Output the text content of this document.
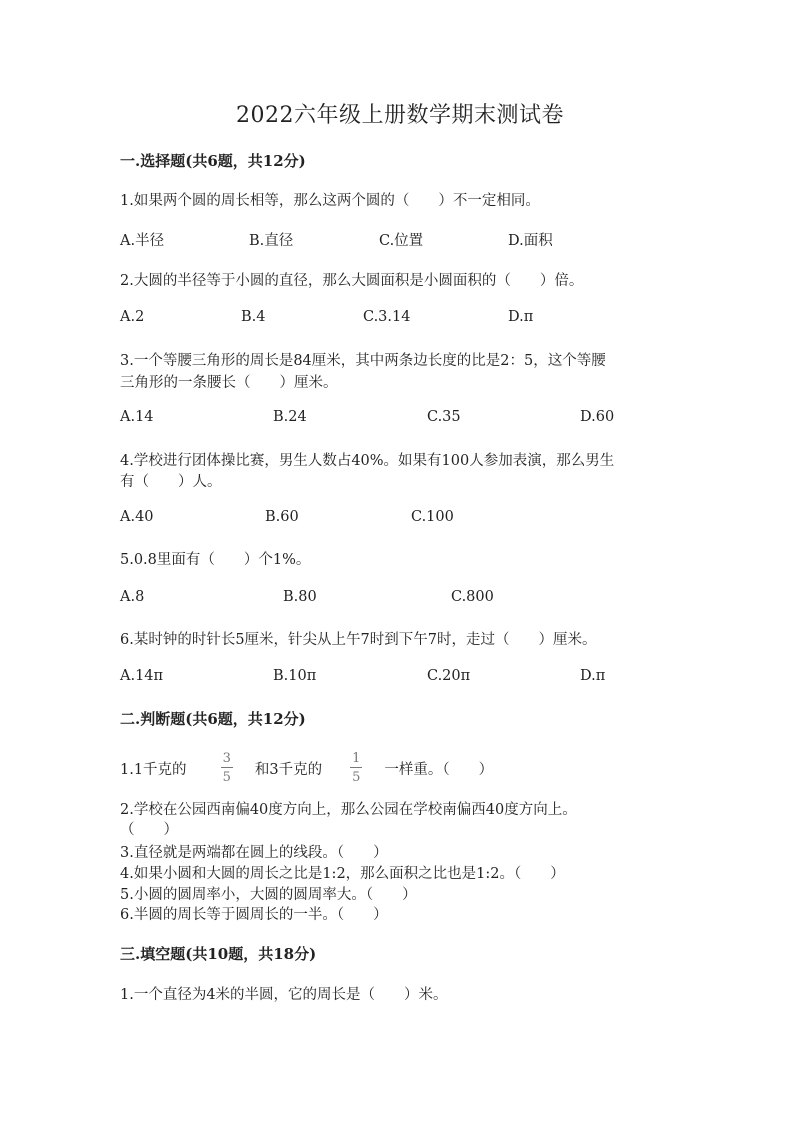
2022六年级上册数学期末测试卷
一.选择题(共6题，共12分)
1.如果两个圆的周长相等，那么这两个圆的（　　）不一定相同。
A.半径	B.直径	C.位置	D.面积
2.大圆的半径等于小圆的直径，那么大圆面积是小圆面积的（　　）倍。
A.2	B.4	C.3.14	D.π
3.一个等腰三角形的周长是84厘米，其中两条边长度的比是2：5，这个等腰
三角形的一条腰长（　　）厘米。
A.14	B.24	C.35	D.60
4.学校进行团体操比赛，男生人数占40%。如果有100人参加表演，那么男生
有（　　）人。
A.40	B.60	C.100
5.0.8里面有（　　）个1%。
A.8	B.80	C.800
6.某时钟的时针长5厘米，针尖从上午7时到下午7时，走过（　　）厘米。
A.14π	B.10π	C.20π	D.π
二.判断题(共6题，共12分)
1.1千克的	$\frac{3}{5}$ 和3千克的 $\frac{1}{5}$ 一样重。（　　）
2.学校在公园西南偏40度方向上，那么公园在学校南偏西40度方向上。
（　　）
3.直径就是两端都在圆上的线段。（　　）
4.如果小圆和大圆的周长之比是1:2，那么面积之比也是1:2。（　　）
5.小圆的圆周率小，大圆的圆周率大。（　　）
6.半圆的周长等于圆周长的一半。（　　）
三.填空题(共10题，共18分)
1.一个直径为4米的半圆，它的周长是（　　）米。
